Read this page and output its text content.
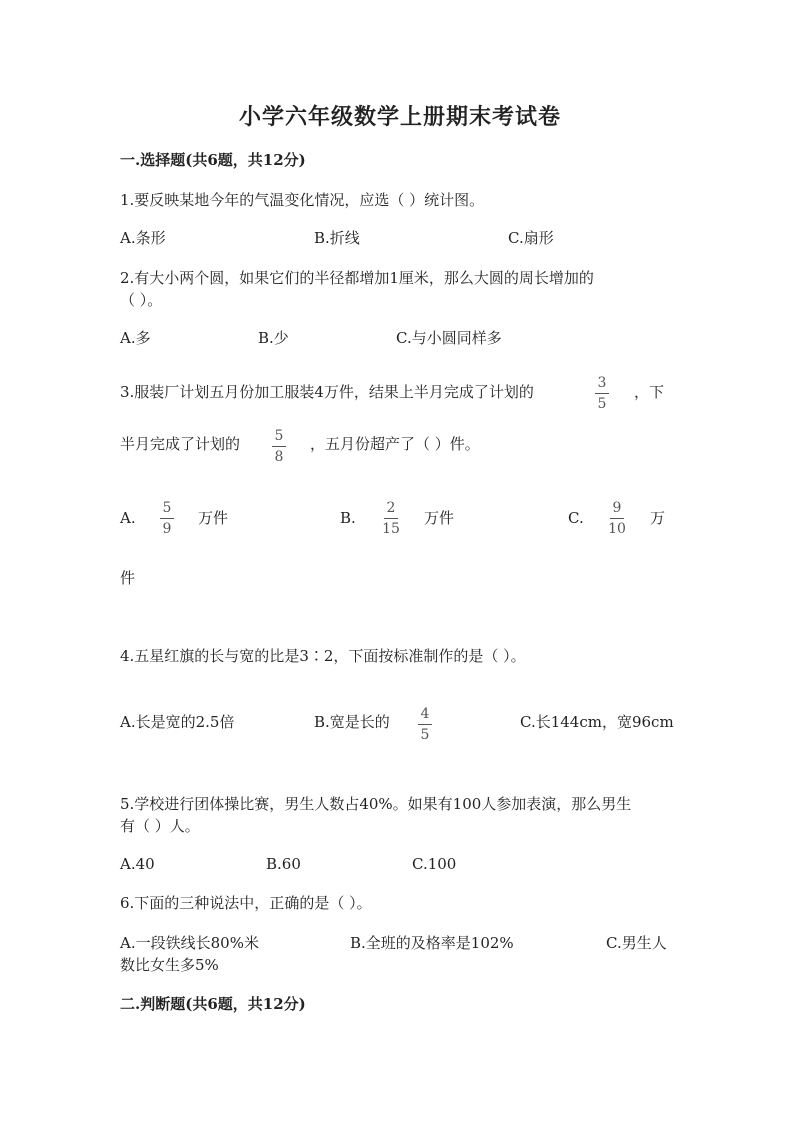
小学六年级数学上册期末考试卷
一.选择题(共6题，共12分)
1.要反映某地今年的气温变化情况，应选（ ）统计图。
A.条形	B.折线	C.扇形
2.有大小两个圆，如果它们的半径都增加1厘米，那么大圆的周长增加的
（ ）。
A.多	B.少	C.与小圆同样多
3.服装厂计划五月份加工服装4万件，结果上半月完成了计划的	3
5
，下
半月完成了计划的 5
8
，五月份超产了（ ）件。
A.
5
9
万件	B.
2
15
万件	C.
9
10
万
件
4.五星红旗的长与宽的比是3∶2，下面按标准制作的是（ ）。
A.长是宽的2.5倍	B.宽是长的 4
5
C.长144cm，宽96cm
5.学校进行团体操比赛，男生人数占40%。如果有100人参加表演，那么男生
有（ ）人。
A.40	B.60	C.100
6.下面的三种说法中，正确的是（ ）。
A.一段铁线长80%米	B.全班的及格率是102%	C.男生人
数比女生多5%
二.判断题(共6题，共12分)
